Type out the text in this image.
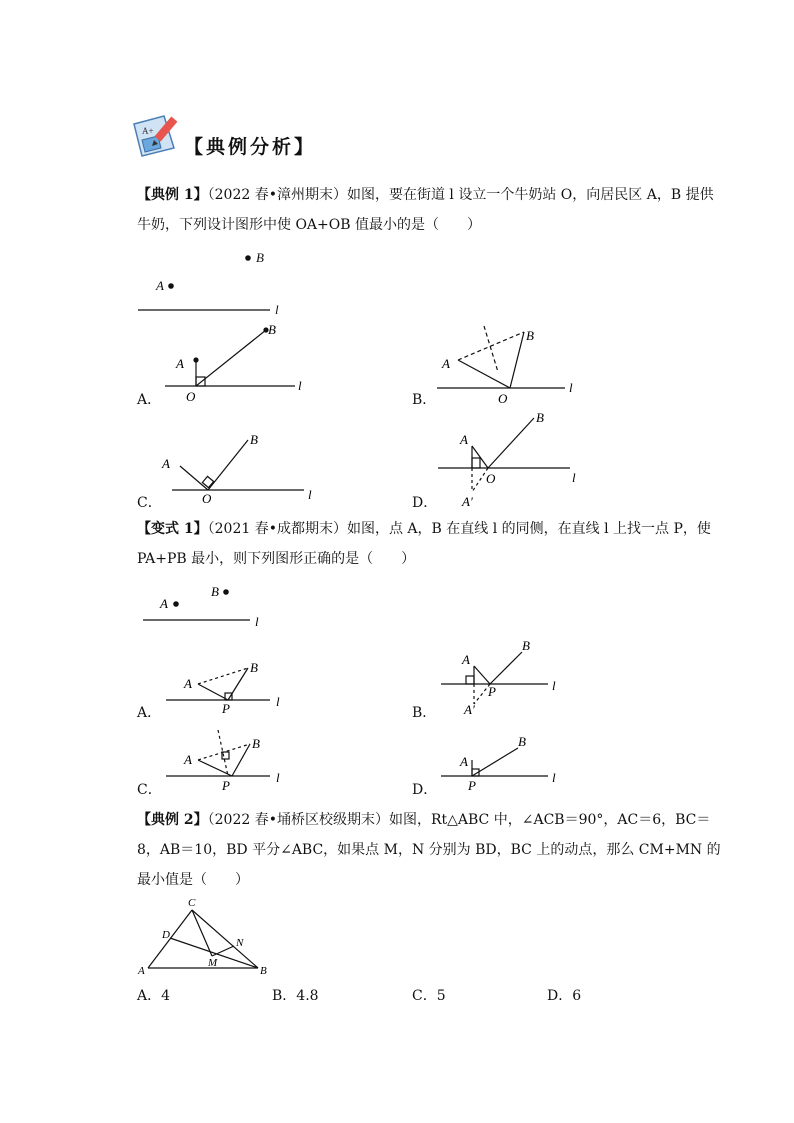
A+
【典例分析】
【典例 1】（2022 春•漳州期末）如图，要在街道 l 设立一个牛奶站 O，向居民区 A，B 提供
牛奶，下列设计图形中使 OA+OB 值最小的是（　　）
B
A
l
A
B
O
l
A
B
O
l
A
B
O	l
A
B
O	l
A′
A
B
l
A
B
P	l
A
B
P	l
A′
A
B
P
l
A
B
P
l
C
D
N
M
A	B
A．	B．
C．	D．
【变式 1】（2021 春•成都期末）如图，点 A，B 在直线 l 的同侧，在直线 l 上找一点 P，使
PA+PB 最小，则下列图形正确的是（　　）
A．	B．
C．	D．
【典例 2】（2022 春•埇桥区校级期末）如图，Rt△ABC 中，∠ACB＝90°，AC＝6，BC＝
8，AB＝10，BD 平分∠ABC，如果点 M，N 分别为 BD，BC 上的动点，那么 CM+MN 的
最小值是（　　）
A．4	B．4.8	C．5	D．6
